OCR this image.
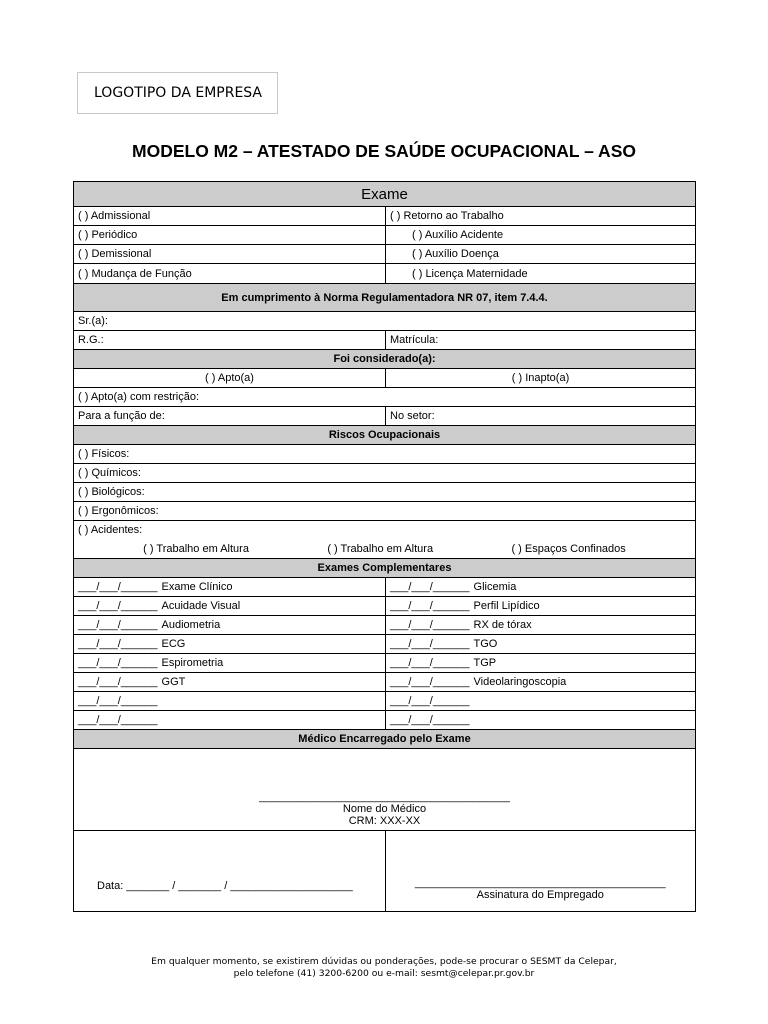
LOGOTIPO DA EMPRESA
MODELO M2 – ATESTADO DE SAÚDE OCUPACIONAL – ASO
Exame
( ) Admissional	( ) Retorno ao Trabalho
( ) Periódico	( ) Auxílio Acidente
( ) Demissional	( ) Auxílio Doença
( ) Mudança de Função	( ) Licença Maternidade
Em cumprimento à Norma Regulamentadora NR 07, item 7.4.4.
Sr.(a):
R.G.:	Matrícula:
Foi considerado(a):
( ) Apto(a)	( ) Inapto(a)
( ) Apto(a) com restrição:
Para a função de:	No setor:
Riscos Ocupacionais
( ) Físicos:
( ) Químicos:
( ) Biológicos:
( ) Ergonômicos:
( ) Acidentes:
( ) Trabalho em Altura	( ) Trabalho em Altura	( ) Espaços Confinados
Exames Complementares
___/___/______ Exame Clínico	___/___/______ Glicemia
___/___/______ Acuidade Visual	___/___/______ Perfil Lipídico
___/___/______ Audiometria	___/___/______ RX de tórax
___/___/______ ECG	___/___/______ TGO
___/___/______ Espirometria	___/___/______ TGP
___/___/______ GGT	___/___/______ Videolaringoscopia
___/___/______	___/___/______
___/___/______	___/___/______
Médico Encarregado pelo Exame
_________________________________________
Nome do Médico
CRM: XXX-XX
Data: _______ / _______ / ____________________	_________________________________________
Assinatura do Empregado
Em qualquer momento, se existirem dúvidas ou ponderações, pode-se procurar o SESMT da Celepar,
pelo telefone (41) 3200-6200 ou e-mail: sesmt@celepar.pr.gov.br
